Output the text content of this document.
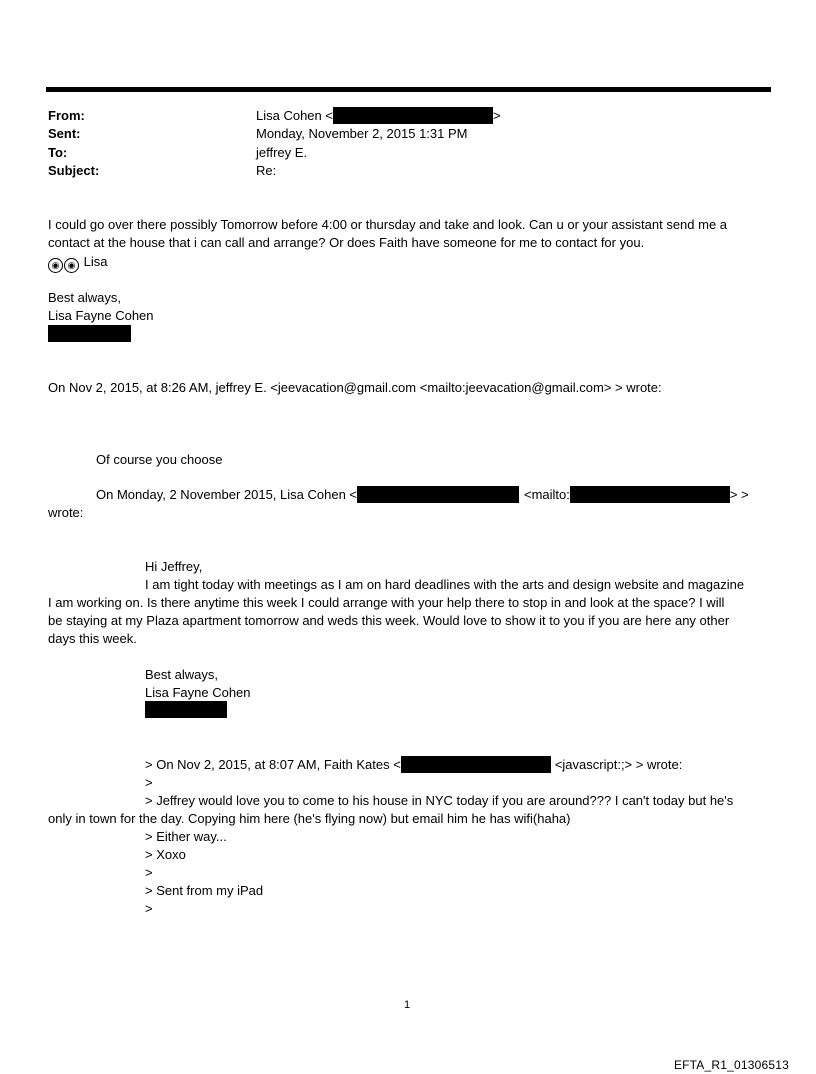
From:	Lisa Cohen <	>
Sent:	Monday, November 2, 2015 1:31 PM
To:	jeffrey E.
Subject:	Re:
I could go over there possibly Tomorrow before 4:00 or thursday and take and look. Can u or your assistant send me a
contact at the house that i can call and arrange? Or does Faith have someone for me to contact for you.
◉ ◉ Lisa
Best always,
Lisa Fayne Cohen
On Nov 2, 2015, at 8:26 AM, jeffrey E. <jeevacation@gmail.com <mailto:jeevacation@gmail.com> > wrote:
Of course you choose
On Monday, 2 November 2015, Lisa Cohen <	<mailto:	> >
wrote:
Hi Jeffrey,
I am tight today with meetings as I am on hard deadlines with the arts and design website and magazine
I am working on. Is there anytime this week I could arrange with your help there to stop in and look at the space? I will
be staying at my Plaza apartment tomorrow and weds this week. Would love to show it to you if you are here any other
days this week.
Best always,
Lisa Fayne Cohen
> On Nov 2, 2015, at 8:07 AM, Faith Kates <	<javascript:;> > wrote:
>
> Jeffrey would love you to come to his house in NYC today if you are around??? I can't today but he's
only in town for the day. Copying him here (he's flying now) but email him he has wifi(haha)
> Either way...
> Xoxo
>
> Sent from my iPad
>
1
EFTA_R1_01306513
